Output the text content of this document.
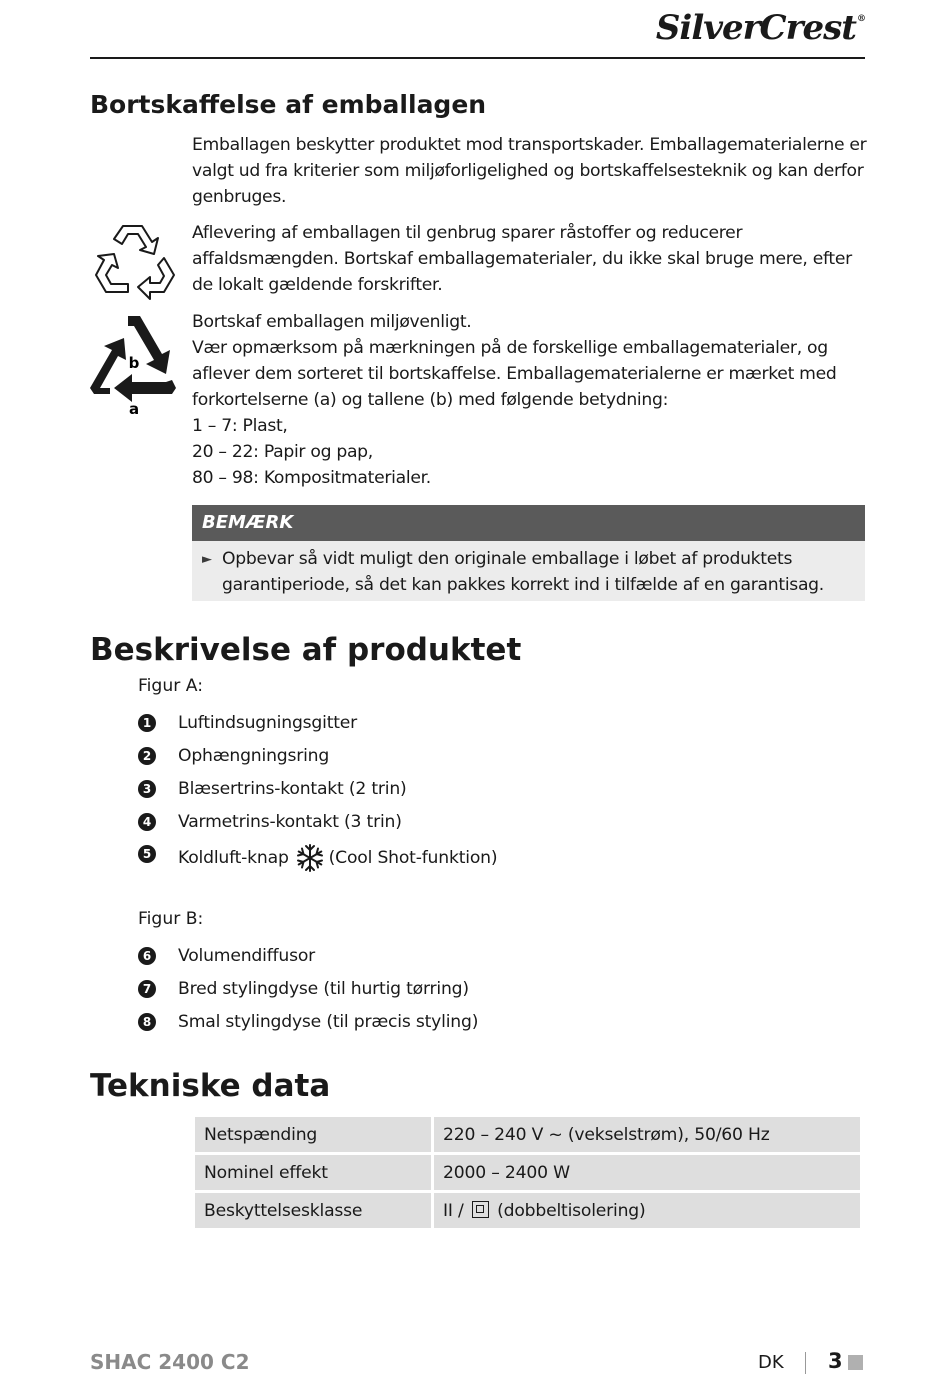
SilverCrest®
Bortskaffelse af emballagen

Emballagen beskytter produktet mod transportskader. Emballagematerialerne er valgt ud fra kriterier som miljøforligelighed og bortskaffelsesteknik og kan derfor genbruges.

Aflevering af emballagen til genbrug sparer råstoffer og reducerer affaldsmængden. Bortskaf emballagematerialer, du ikke skal bruge mere, efter de lokalt gældende forskrifter.

b
a
Bortskaf emballagen miljøvenligt.
Vær opmærksom på mærkningen på de forskellige emballagematerialer, og aflever dem sorteret til bortskaffelse. Emballagematerialerne er mærket med forkortelserne (a) og tallene (b) med følgende betydning:
1 – 7: Plast,
20 – 22: Papir og pap,
80 – 98: Kompositmaterialer.
BEMÆRK
► Opbevar så vidt muligt den originale emballage i løbet af produktets garantiperiode, så det kan pakkes korrekt ind i tilfælde af en garantisag.
Beskrivelse af produktet
Figur A:
1 Luftindsugningsgitter
2 Ophængningsring
3 Blæsertrins-kontakt (2 trin)
4 Varmetrins-kontakt (3 trin)
5 Koldluft-knap (Cool Shot-funktion)
Figur B:
6 Volumendiffusor
7 Bred stylingdyse (til hurtig tørring)
8 Smal stylingdyse (til præcis styling)
Tekniske data
Netspænding	220 – 240 V ~ (vekselstrøm), 50/60 Hz
Nominel effekt	2000 – 2400 W
Beskyttelsesklasse	II / (dobbeltisolering)
SHAC 2400 C2	DK 3
